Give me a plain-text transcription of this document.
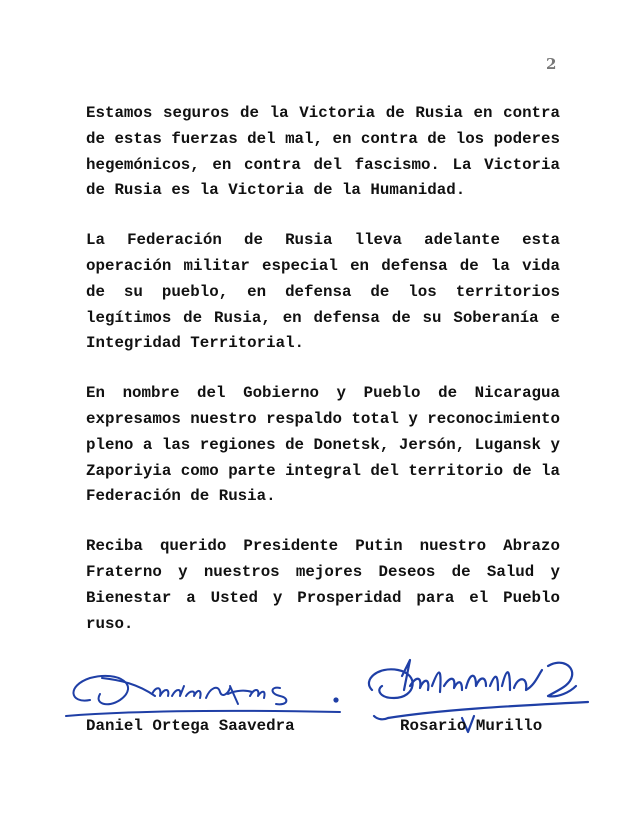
2

Estamos seguros de la Victoria de Rusia en contra de estas fuerzas del mal, en contra de los poderes hegemónicos, en contra del fascismo. La Victoria de Rusia es la Victoria de la Humanidad.

La Federación de Rusia lleva adelante esta operación militar especial en defensa de la vida de su pueblo, en defensa de los territorios legítimos de Rusia, en defensa de su Soberanía e Integridad Territorial.

En nombre del Gobierno y Pueblo de Nicaragua expresamos nuestro respaldo total y reconocimiento pleno a las regiones de Donetsk, Jersón, Lugansk y Zaporiyia como parte integral del territorio de la Federación de Rusia.

Reciba querido Presidente Putin nuestro Abrazo Fraterno y nuestros mejores Deseos de Salud y Bienestar a Usted y Prosperidad para el Pueblo ruso.

Daniel Ortega Saavedra	Rosario Murillo
